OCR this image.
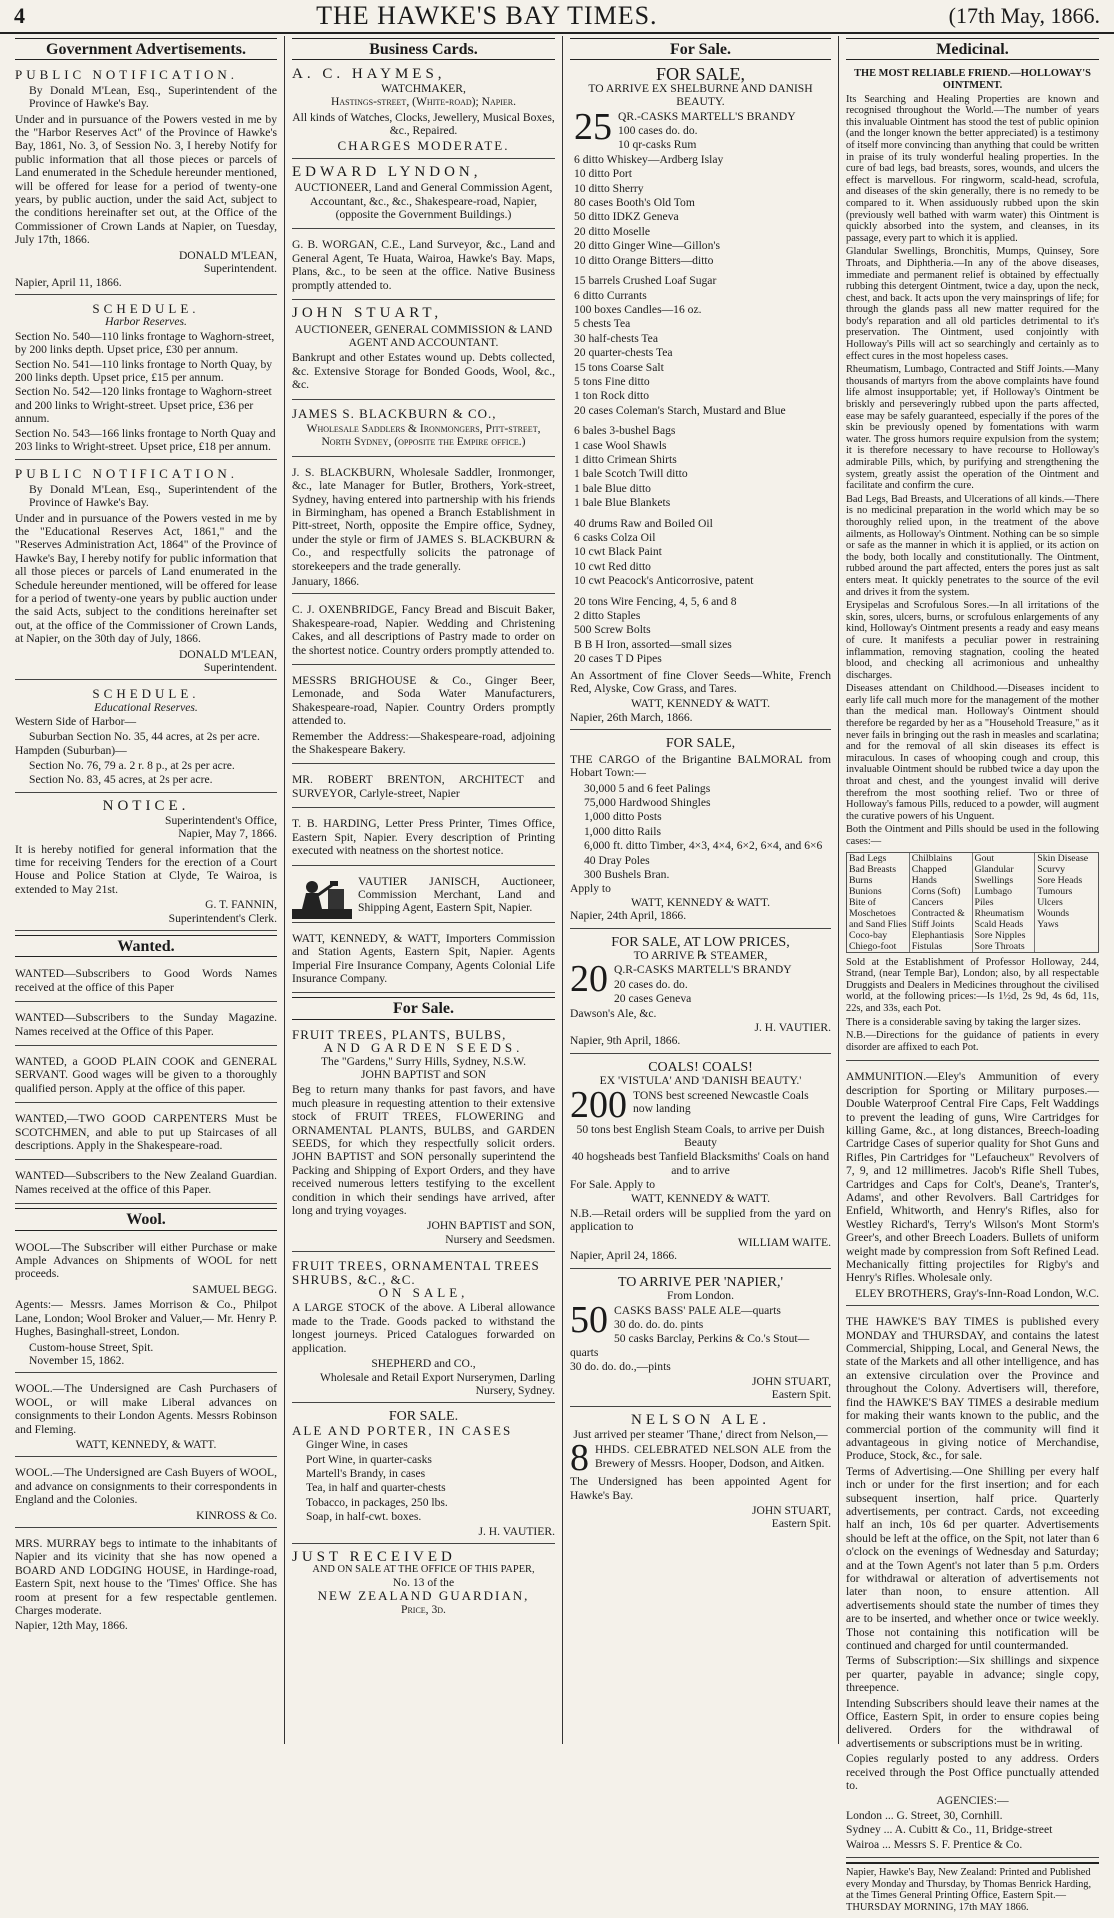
4	THE HAWKE'S BAY TIMES.	(17th May, 1866.
Government Advertisements.
PUBLIC NOTIFICATION.

By Donald M'Lean, Esq., Superintendent of the Province of Hawke's Bay.

Under and in pursuance of the Powers vested in me by the "Harbor Reserves Act" of the Province of Hawke's Bay, 1861, No. 3, of Session No. 3, I hereby Notify for public information that all those pieces or parcels of Land enumerated in the Schedule hereunder mentioned, will be offered for lease for a period of twenty-one years, by public auction, under the said Act, subject to the conditions hereinafter set out, at the Office of the Commissioner of Crown Lands at Napier, on Tuesday, July 17th, 1866.

DONALD M'LEAN,
Superintendent.
Napier, April 11, 1866.
SCHEDULE.
Harbor Reserves.
Section No. 540—110 links frontage to Waghorn-street, by 200 links depth. Upset price, £30 per annum.
Section No. 541—110 links frontage to North Quay, by 200 links depth. Upset price, £15 per annum.
Section No. 542—120 links frontage to Waghorn-street and 200 links to Wright-street. Upset price, £36 per annum.
Section No. 543—166 links frontage to North Quay and 203 links to Wright-street. Upset price, £18 per annum.
PUBLIC NOTIFICATION.

By Donald M'Lean, Esq., Superintendent of the Province of Hawke's Bay.

Under and in pursuance of the Powers vested in me by the "Educational Reserves Act, 1861," and the "Reserves Administration Act, 1864" of the Province of Hawke's Bay, I hereby notify for public information that all those pieces or parcels of Land enumerated in the Schedule hereunder mentioned, will be offered for lease for a period of twenty-one years by public auction under the said Acts, subject to the conditions hereinafter set out, at the office of the Commissioner of Crown Lands, at Napier, on the 30th day of July, 1866.

DONALD M'LEAN,
Superintendent.
SCHEDULE.
Educational Reserves.
Western Side of Harbor—
Suburban Section No. 35, 44 acres, at 2s per acre.
Hampden (Suburban)—
Section No. 76, 79 a. 2 r. 8 p., at 2s per acre.
Section No. 83, 45 acres, at 2s per acre.
NOTICE.
Superintendent's Office,
Napier, May 7, 1866.

It is hereby notified for general information that the time for receiving Tenders for the erection of a Court House and Police Station at Clyde, Te Wairoa, is extended to May 21st.

G. T. FANNIN,
Superintendent's Clerk.
Wanted.

WANTED—Subscribers to Good Words Names received at the office of this Paper

WANTED—Subscribers to the Sunday Magazine. Names received at the Office of this Paper.

WANTED, a GOOD PLAIN COOK and GENERAL SERVANT. Good wages will be given to a thoroughly qualified person. Apply at the office of this paper.

WANTED,—TWO GOOD CARPENTERS Must be SCOTCHMEN, and able to put up Staircases of all descriptions. Apply in the Shakespeare-road.

WANTED—Subscribers to the New Zealand Guardian. Names received at the office of this Paper.

Wool.

WOOL—The Subscriber will either Purchase or make Ample Advances on Shipments of WOOL for nett proceeds.

SAMUEL BEGG.

Agents:— Messrs. James Morrison & Co., Philpot Lane, London; Wool Broker and Valuer,— Mr. Henry P. Hughes, Basinghall-street, London.

Custom-house Street, Spit.
November 15, 1862.

WOOL.—The Undersigned are Cash Purchasers of WOOL, or will make Liberal advances on consignments to their London Agents. Messrs Robinson and Fleming.

WATT, KENNEDY, & WATT.

WOOL.—The Undersigned are Cash Buyers of WOOL, and advance on consignments to their correspondents in England and the Colonies.

KINROSS & Co.

MRS. MURRAY begs to intimate to the inhabitants of Napier and its vicinity that she has now opened a BOARD AND LODGING HOUSE, in Hardinge-road, Eastern Spit, next house to the 'Times' Office. She has room at present for a few respectable gentlemen. Charges moderate.

Napier, 12th May, 1866.
Business Cards.
A. C. HAYMES,
WATCHMAKER,
Hastings-street, (White-road); Napier.

All kinds of Watches, Clocks, Jewellery, Musical Boxes, &c., Repaired.

CHARGES MODERATE.
EDWARD LYNDON,

AUCTIONEER, Land and General Commission Agent, Accountant, &c., &c., Shakespeare-road, Napier, (opposite the Government Buildings.)

G. B. WORGAN, C.E., Land Surveyor, &c., Land and General Agent, Te Huata, Wairoa, Hawke's Bay. Maps, Plans, &c., to be seen at the office. Native Business promptly attended to.

JOHN STUART,

AUCTIONEER, GENERAL COMMISSION & LAND AGENT AND ACCOUNTANT.

Bankrupt and other Estates wound up. Debts collected, &c. Extensive Storage for Bonded Goods, Wool, &c., &c.

JAMES S. BLACKBURN & CO.,

Wholesale Saddlers & Ironmongers, Pitt-street, North Sydney, (opposite the Empire office.)

J. S. BLACKBURN, Wholesale Saddler, Ironmonger, &c., late Manager for Butler, Brothers, York-street, Sydney, having entered into partnership with his friends in Birmingham, has opened a Branch Establishment in Pitt-street, North, opposite the Empire office, Sydney, under the style or firm of JAMES S. BLACKBURN & Co., and respectfully solicits the patronage of storekeepers and the trade generally.

January, 1866.

C. J. OXENBRIDGE, Fancy Bread and Biscuit Baker, Shakespeare-road, Napier. Wedding and Christening Cakes, and all descriptions of Pastry made to order on the shortest notice. Country orders promptly attended to.

MESSRS BRIGHOUSE & Co., Ginger Beer, Lemonade, and Soda Water Manufacturers, Shakespeare-road, Napier. Country Orders promptly attended to.

Remember the Address:—Shakespeare-road, adjoining the Shakespeare Bakery.

MR. ROBERT BRENTON, ARCHITECT and SURVEYOR, Carlyle-street, Napier

T. B. HARDING, Letter Press Printer, Times Office, Eastern Spit, Napier. Every description of Printing executed with neatness on the shortest notice.

VAUTIER JANISCH, Auctioneer, Commission Merchant, Land and Shipping Agent, Eastern Spit, Napier.

WATT, KENNEDY, & WATT, Importers Commission and Station Agents, Eastern Spit, Napier. Agents Imperial Fire Insurance Company, Agents Colonial Life Insurance Company.

For Sale.
FRUIT TREES, PLANTS, BULBS,
AND GARDEN SEEDS.
The "Gardens," Surry Hills, Sydney, N.S.W.
JOHN BAPTIST and SON

Beg to return many thanks for past favors, and have much pleasure in requesting attention to their extensive stock of FRUIT TREES, FLOWERING and ORNAMENTAL PLANTS, BULBS, and GARDEN SEEDS, for which they respectfully solicit orders. JOHN BAPTIST and SON personally superintend the Packing and Shipping of Export Orders, and they have received numerous letters testifying to the excellent condition in which their sendings have arrived, after long and trying voyages.

JOHN BAPTIST and SON,
Nursery and Seedsmen.
FRUIT TREES, ORNAMENTAL TREES SHRUBS, &C., &C.
ON SALE,

A LARGE STOCK of the above. A Liberal allowance made to the Trade. Goods packed to withstand the longest journeys. Priced Catalogues forwarded on application.

SHEPHERD and CO.,
Wholesale and Retail Export Nurserymen, Darling Nursery, Sydney.
FOR SALE.
ALE AND PORTER, IN CASES
Ginger Wine, in cases
Port Wine, in quarter-casks
Martell's Brandy, in cases
Tea, in half and quarter-chests
Tobacco, in packages, 250 lbs.
Soap, in half-cwt. boxes.
J. H. VAUTIER.
JUST RECEIVED
AND ON SALE AT THE OFFICE OF THIS PAPER,
No. 13 of the
NEW ZEALAND GUARDIAN,
Price, 3d.
For Sale.
FOR SALE,
TO ARRIVE EX SHELBURNE AND DANISH BEAUTY.
25 QR.-CASKS MARTELL'S BRANDY
100 cases do. do.
10 qr-casks Rum
6 ditto Whiskey—Ardberg Islay
10 ditto Port
10 ditto Sherry
80 cases Booth's Old Tom
50 ditto IDKZ Geneva
20 ditto Moselle
20 ditto Ginger Wine—Gillon's
10 ditto Orange Bitters—ditto
15 barrels Crushed Loaf Sugar
6 ditto Currants
100 boxes Candles—16 oz.
5 chests Tea
30 half-chests Tea
20 quarter-chests Tea
15 tons Coarse Salt
5 tons Fine ditto
1 ton Rock ditto
20 cases Coleman's Starch, Mustard and Blue
6 bales 3-bushel Bags
1 case Wool Shawls
1 ditto Crimean Shirts
1 bale Scotch Twill ditto
1 bale Blue ditto
1 bale Blue Blankets
40 drums Raw and Boiled Oil
6 casks Colza Oil
10 cwt Black Paint
10 cwt Red ditto
10 cwt Peacock's Anticorrosive, patent
20 tons Wire Fencing, 4, 5, 6 and 8
2 ditto Staples
500 Screw Bolts
B B H Iron, assorted—small sizes
20 cases T D Pipes

An Assortment of fine Clover Seeds—White, French Red, Alyske, Cow Grass, and Tares.

WATT, KENNEDY & WATT.
Napier, 26th March, 1866.
FOR SALE,

THE CARGO of the Brigantine BALMORAL from Hobart Town:—

30,000 5 and 6 feet Palings
75,000 Hardwood Shingles
1,000 ditto Posts
1,000 ditto Rails
6,000 ft. ditto Timber, 4×3, 4×4, 6×2, 6×4, and 6×6
40 Dray Poles
300 Bushels Bran.
Apply to
WATT, KENNEDY & WATT.
Napier, 24th April, 1866.
FOR SALE, AT LOW PRICES,
TO ARRIVE ℞ STEAMER,
20 Q.R-CASKS MARTELL'S BRANDY
20 cases do. do.
20 cases Geneva
Dawson's Ale, &c.
J. H. VAUTIER.
Napier, 9th April, 1866.
COALS! COALS!
EX 'VISTULA' AND 'DANISH BEAUTY.'
200 TONS best screened Newcastle Coals now landing
50 tons best English Steam Coals, to arrive per Duish Beauty
40 hogsheads best Tanfield Blacksmiths' Coals on hand and to arrive
For Sale. Apply to
WATT, KENNEDY & WATT.

N.B.—Retail orders will be supplied from the yard on application to

WILLIAM WAITE.
Napier, April 24, 1866.
TO ARRIVE PER 'NAPIER,'
From London.
50 CASKS BASS' PALE ALE—quarts
30 do. do. do. pints
50 casks Barclay, Perkins & Co.'s Stout—quarts
30 do. do. do.,—pints
JOHN STUART,
Eastern Spit.
NELSON ALE.
Just arrived per steamer 'Thane,' direct from Nelson,—
8 HHDS. CELEBRATED NELSON ALE from the Brewery of Messrs. Hooper, Dodson, and Aitken.

The Undersigned has been appointed Agent for Hawke's Bay.

JOHN STUART,
Eastern Spit.
Medicinal.
THE MOST RELIABLE FRIEND.—HOLLOWAY'S OINTMENT.

Its Searching and Healing Properties are known and recognised throughout the World.—The number of years this invaluable Ointment has stood the test of public opinion (and the longer known the better appreciated) is a testimony of itself more convincing than anything that could be written in praise of its truly wonderful healing properties. In the cure of bad legs, bad breasts, sores, wounds, and ulcers the effect is marvellous. For ringworm, scald-head, scrofula, and diseases of the skin generally, there is no remedy to be compared to it. When assiduously rubbed upon the skin (previously well bathed with warm water) this Ointment is quickly absorbed into the system, and cleanses, in its passage, every part to which it is applied.

Glandular Swellings, Bronchitis, Mumps, Quinsey, Sore Throats, and Diphtheria.—In any of the above diseases, immediate and permanent relief is obtained by effectually rubbing this detergent Ointment, twice a day, upon the neck, chest, and back. It acts upon the very mainsprings of life; for through the glands pass all new matter required for the body's reparation and all old particles detrimental to it's preservation. The Ointment, used conjointly with Holloway's Pills will act so searchingly and certainly as to effect cures in the most hopeless cases.

Rheumatism, Lumbago, Contracted and Stiff Joints.—Many thousands of martyrs from the above complaints have found life almost insupportable; yet, if Holloway's Ointment be briskly and perseveringly rubbed upon the parts affected, ease may be safely guaranteed, especially if the pores of the skin be previously opened by fomentations with warm water. The gross humors require expulsion from the system; it is therefore necessary to have recourse to Holloway's admirable Pills, which, by purifying and strengthening the system, greatly assist the operation of the Ointment and facilitate and confirm the cure.

Bad Legs, Bad Breasts, and Ulcerations of all kinds.—There is no medicinal preparation in the world which may be so thoroughly relied upon, in the treatment of the above ailments, as Holloway's Ointment. Nothing can be so simple or safe as the manner in which it is applied, or its action on the body, both locally and constitutionally. The Ointment, rubbed around the part affected, enters the pores just as salt enters meat. It quickly penetrates to the source of the evil and drives it from the system.

Erysipelas and Scrofulous Sores.—In all irritations of the skin, sores, ulcers, burns, or scrofulous enlargements of any kind, Holloway's Ointment presents a ready and easy means of cure. It manifests a peculiar power in restraining inflammation, removing stagnation, cooling the heated blood, and checking all acrimonious and unhealthy discharges.

Diseases attendant on Childhood.—Diseases incident to early life call much more for the management of the mother than the medical man. Holloway's Ointment should therefore be regarded by her as a "Household Treasure," as it never fails in bringing out the rash in measles and scarlatina; and for the removal of all skin diseases its effect is miraculous. In cases of whooping cough and croup, this invaluable Ointment should be rubbed twice a day upon the throat and chest, and the youngest invalid will derive therefrom the most soothing relief. Two or three of Holloway's famous Pills, reduced to a powder, will augment the curative powers of his Unguent.

Both the Ointment and Pills should be used in the following cases:—

Bad Legs
Bad Breasts
Burns
Bunions
Bite of Moschetoes and Sand Flies
Coco-bay
Chiego-foot
Chilblains
Chapped Hands
Corns (Soft)
Cancers
Contracted & Stiff Joints
Elephantiasis
Fistulas
Gout
Glandular Swellings
Lumbago
Piles
Rheumatism
Scald Heads
Sore Nipples
Sore Throats
Skin Disease
Scurvy
Sore Heads
Tumours
Ulcers
Wounds
Yaws

Sold at the Establishment of Professor Holloway, 244, Strand, (near Temple Bar), London; also, by all respectable Druggists and Dealers in Medicines throughout the civilised world, at the following prices:—Is 1½d, 2s 9d, 4s 6d, 11s, 22s, and 33s, each Pot.

There is a considerable saving by taking the larger sizes.

N.B.—Directions for the guidance of patients in every disorder are affixed to each Pot.

AMMUNITION.—Eley's Ammunition of every description for Sporting or Military purposes.—Double Waterproof Central Fire Caps, Felt Waddings to prevent the leading of guns, Wire Cartridges for killing Game, &c., at long distances, Breech-loading Cartridge Cases of superior quality for Shot Guns and Rifles, Pin Cartridges for "Lefaucheux" Revolvers of 7, 9, and 12 millimetres. Jacob's Rifle Shell Tubes, Cartridges and Caps for Colt's, Deane's, Tranter's, Adams', and other Revolvers. Ball Cartridges for Enfield, Whitworth, and Henry's Rifles, also for Westley Richard's, Terry's Wilson's Mont Storm's Greer's, and other Breech Loaders. Bullets of uniform weight made by compression from Soft Refined Lead. Mechanically fitting projectiles for Rigby's and Henry's Rifles. Wholesale only.

ELEY BROTHERS, Gray's-Inn-Road London, W.C.

THE HAWKE'S BAY TIMES is published every MONDAY and THURSDAY, and contains the latest Commercial, Shipping, Local, and General News, the state of the Markets and all other intelligence, and has an extensive circulation over the Province and throughout the Colony. Advertisers will, therefore, find the HAWKE'S BAY TIMES a desirable medium for making their wants known to the public, and the commercial portion of the community will find it advantageous in giving notice of Merchandise, Produce, Stock, &c., for sale.

Terms of Advertising.—One Shilling per every half inch or under for the first insertion; and for each subsequent insertion, half price. Quarterly advertisements, per contract. Cards, not exceeding half an inch, 10s 6d per quarter. Advertisements should be left at the office, on the Spit, not later than 6 o'clock on the evenings of Wednesday and Saturday; and at the Town Agent's not later than 5 p.m. Orders for withdrawal or alteration of advertisements not later than noon, to ensure attention. All advertisements should state the number of times they are to be inserted, and whether once or twice weekly. Those not containing this notification will be continued and charged for until countermanded.

Terms of Subscription:—Six shillings and sixpence per quarter, payable in advance; single copy, threepence.

Intending Subscribers should leave their names at the Office, Eastern Spit, in order to ensure copies being delivered. Orders for the withdrawal of advertisements or subscriptions must be in writing.

Copies regularly posted to any address. Orders received through the Post Office punctually attended to.

AGENCIES:—
London ... G. Street, 30, Cornhill.
Sydney ... A. Cubitt & Co., 11, Bridge-street
Wairoa ... Messrs S. F. Prentice & Co.
Napier, Hawke's Bay, New Zealand: Printed and Published every Monday and Thursday, by Thomas Benrick Harding, at the Times General Printing Office, Eastern Spit.—THURSDAY MORNING, 17th MAY 1866.
